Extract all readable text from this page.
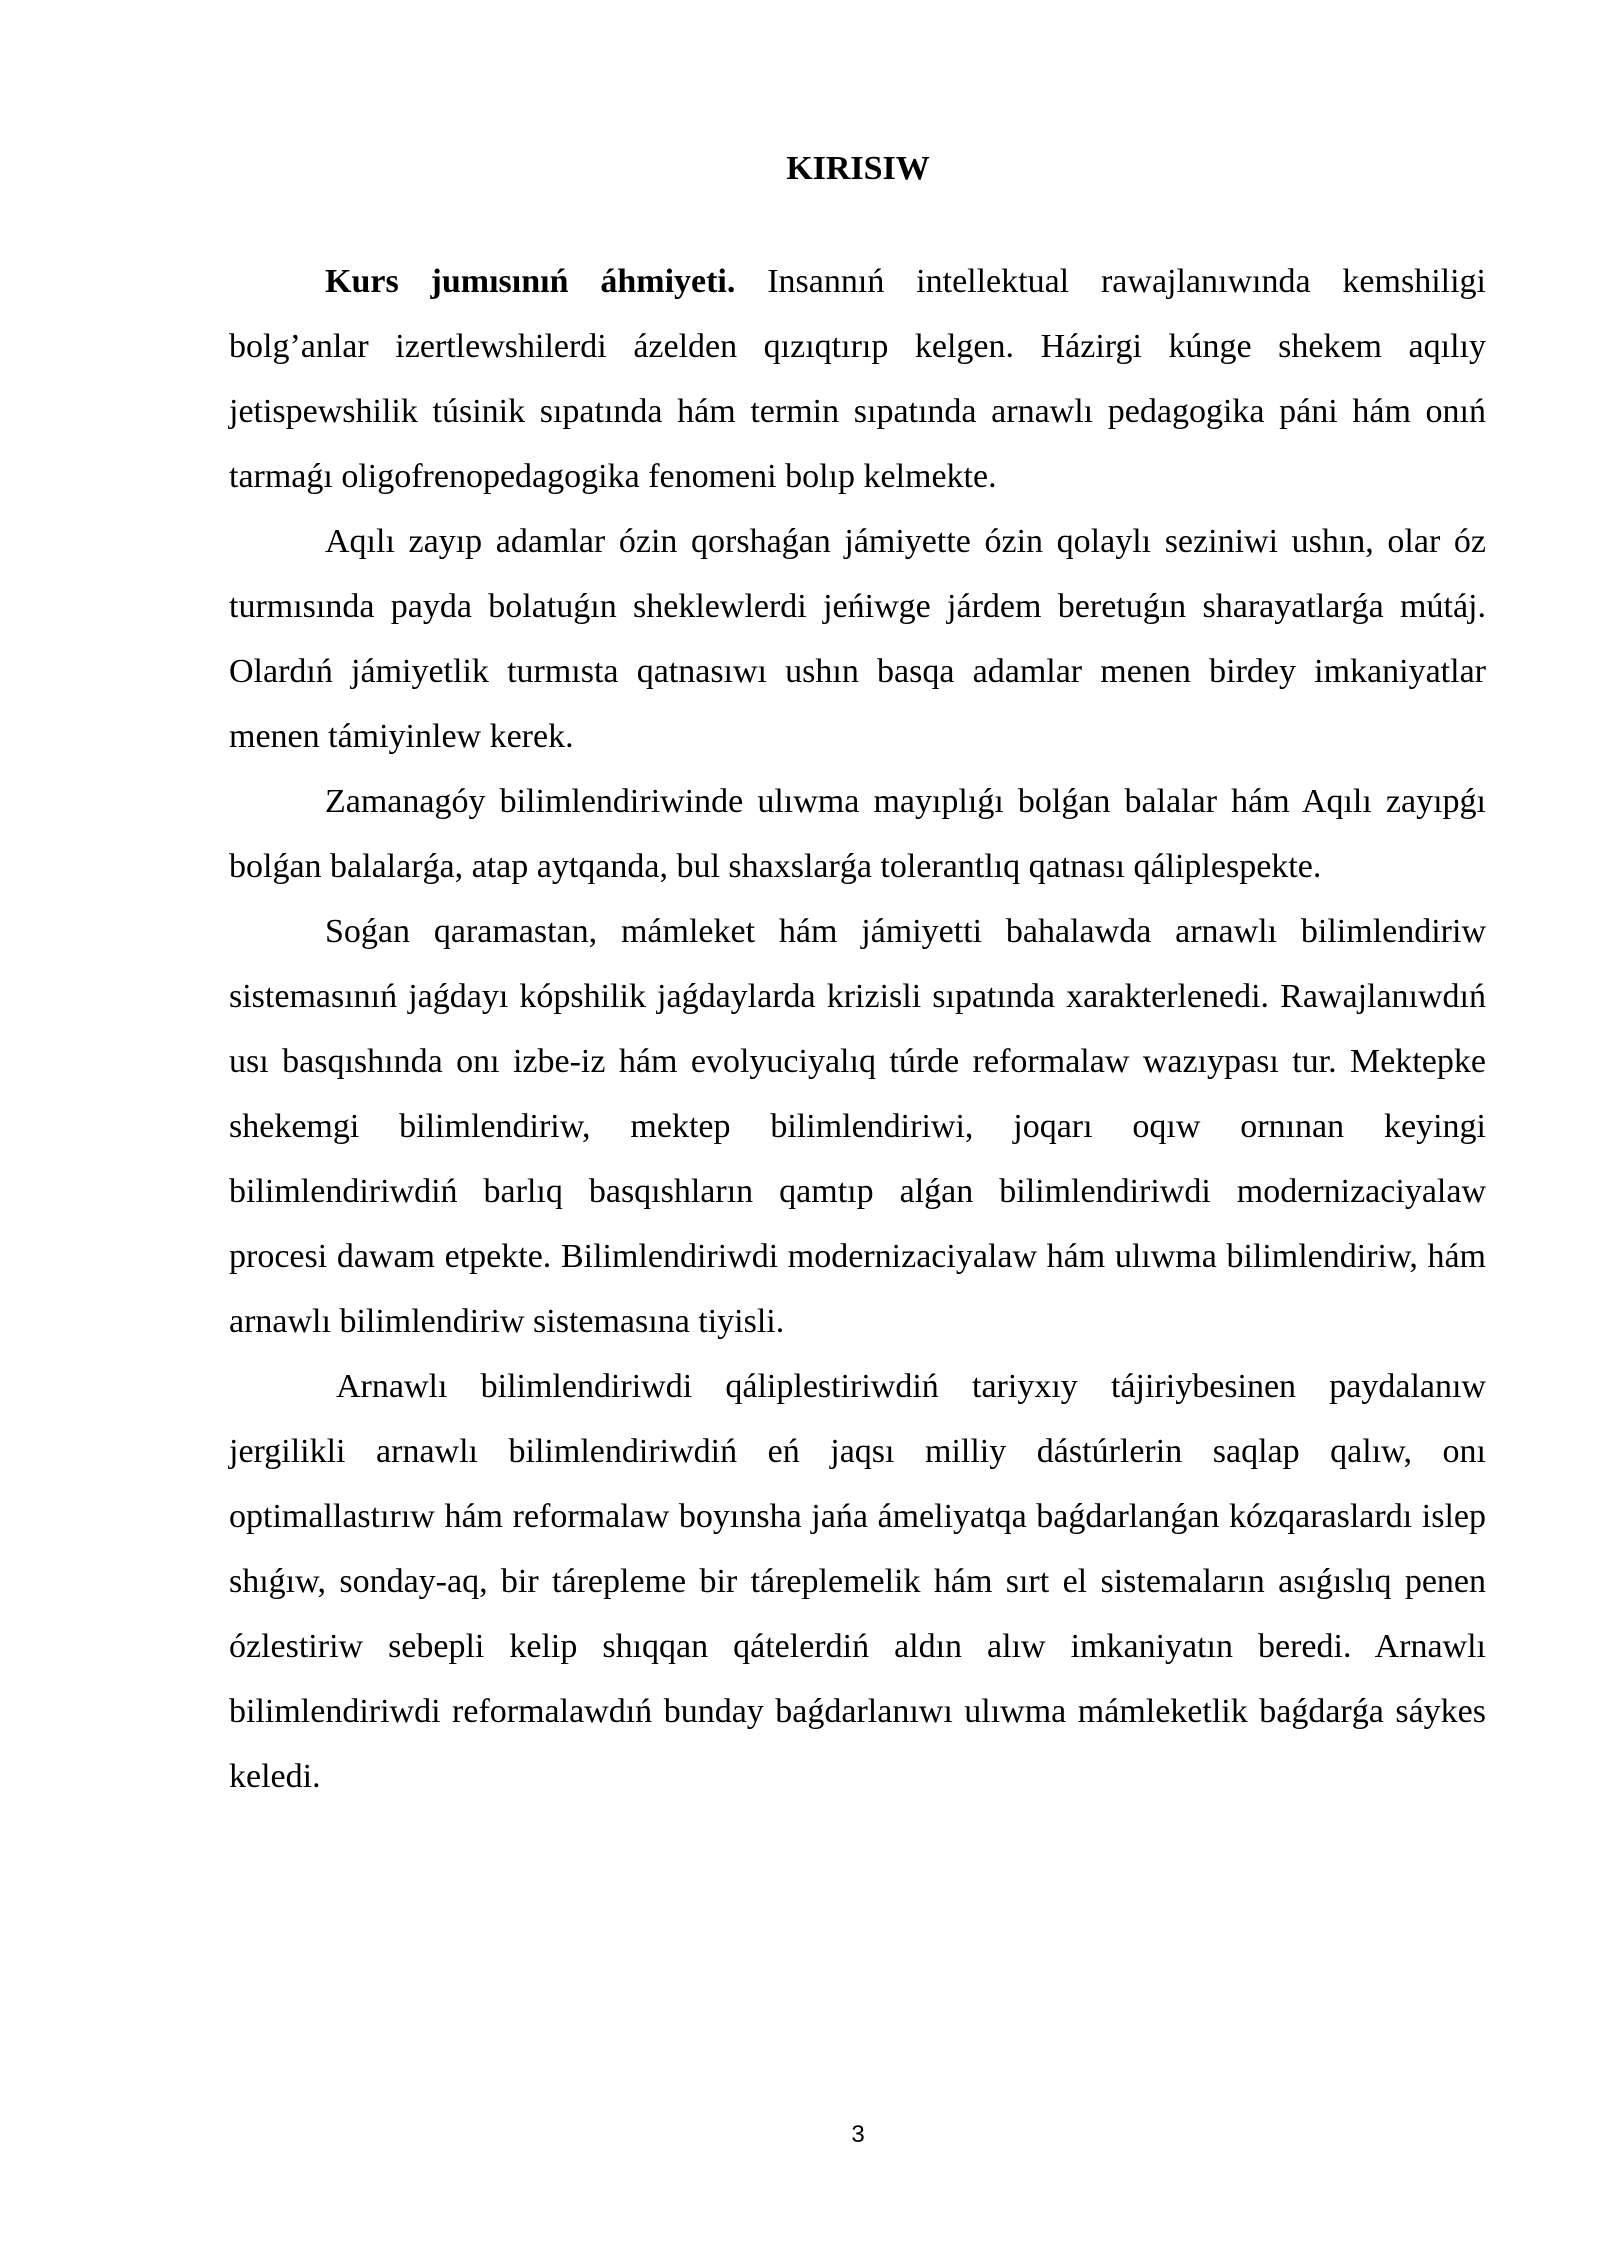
KIRISIW

Kurs jumısınıń áhmiyeti. Insannıń intellektual rawajlanıwında kemshiligi bolg’anlar izertlewshilerdi ázelden qızıqtırıp kelgen. Házirgi kúnge shekem aqılıy jetispewshilik túsinik sıpatında hám termin sıpatında arnawlı pedagogika páni hám onıń tarmaǵı oligofrenopedagogika fenomeni bolıp kelmekte.

Aqılı zayıp adamlar ózin qorshaǵan jámiyette ózin qolaylı seziniwi ushın, olar óz turmısında payda bolatuǵın sheklewlerdi jeńiwge járdem beretuǵın sharayatlarǵa mútáj. Olardıń jámiyetlik turmısta qatnasıwı ushın basqa adamlar menen birdey imkaniyatlar menen támiyinlew kerek.

Zamanagóy bilimlendiriwinde ulıwma mayıplıǵı bolǵan balalar hám Aqılı zayıpǵı bolǵan balalarǵa, atap aytqanda, bul shaxslarǵa tolerantlıq qatnası qáliplespekte.

Soǵan qaramastan, mámleket hám jámiyetti bahalawda arnawlı bilimlendiriw sistemasınıń jaǵdayı kópshilik jaǵdaylarda krizisli sıpatında xarakterlenedi. Rawajlanıwdıń usı basqıshında onı izbe-iz hám evolyuciyalıq túrde reformalaw wazıypası tur. Mektepke shekemgi bilimlendiriw, mektep bilimlendiriwi, joqarı oqıw ornınan keyingi bilimlendiriwdiń barlıq basqıshların qamtıp alǵan bilimlendiriwdi modernizaciyalaw procesi dawam etpekte. Bilimlendiriwdi modernizaciyalaw hám ulıwma bilimlendiriw, hám arnawlı bilimlendiriw sistemasına tiyisli.

Arnawlı bilimlendiriwdi qáliplestiriwdiń tariyxıy tájiriybesinen paydalanıw jergilikli arnawlı bilimlendiriwdiń eń jaqsı milliy dástúrlerin saqlap qalıw, onı optimallastırıw hám reformalaw boyınsha jańa ámeliyatqa baǵdarlanǵan kózqaraslardı islep shıǵıw, sonday-aq, bir tárepleme bir táreplemelik hám sırt el sistemaların asıǵıslıq penen ózlestiriw sebepli kelip shıqqan qátelerdiń aldın alıw imkaniyatın beredi. Arnawlı bilimlendiriwdi reformalawdıń bunday baǵdarlanıwı ulıwma mámleketlik baǵdarǵa sáykes keledi.

3
